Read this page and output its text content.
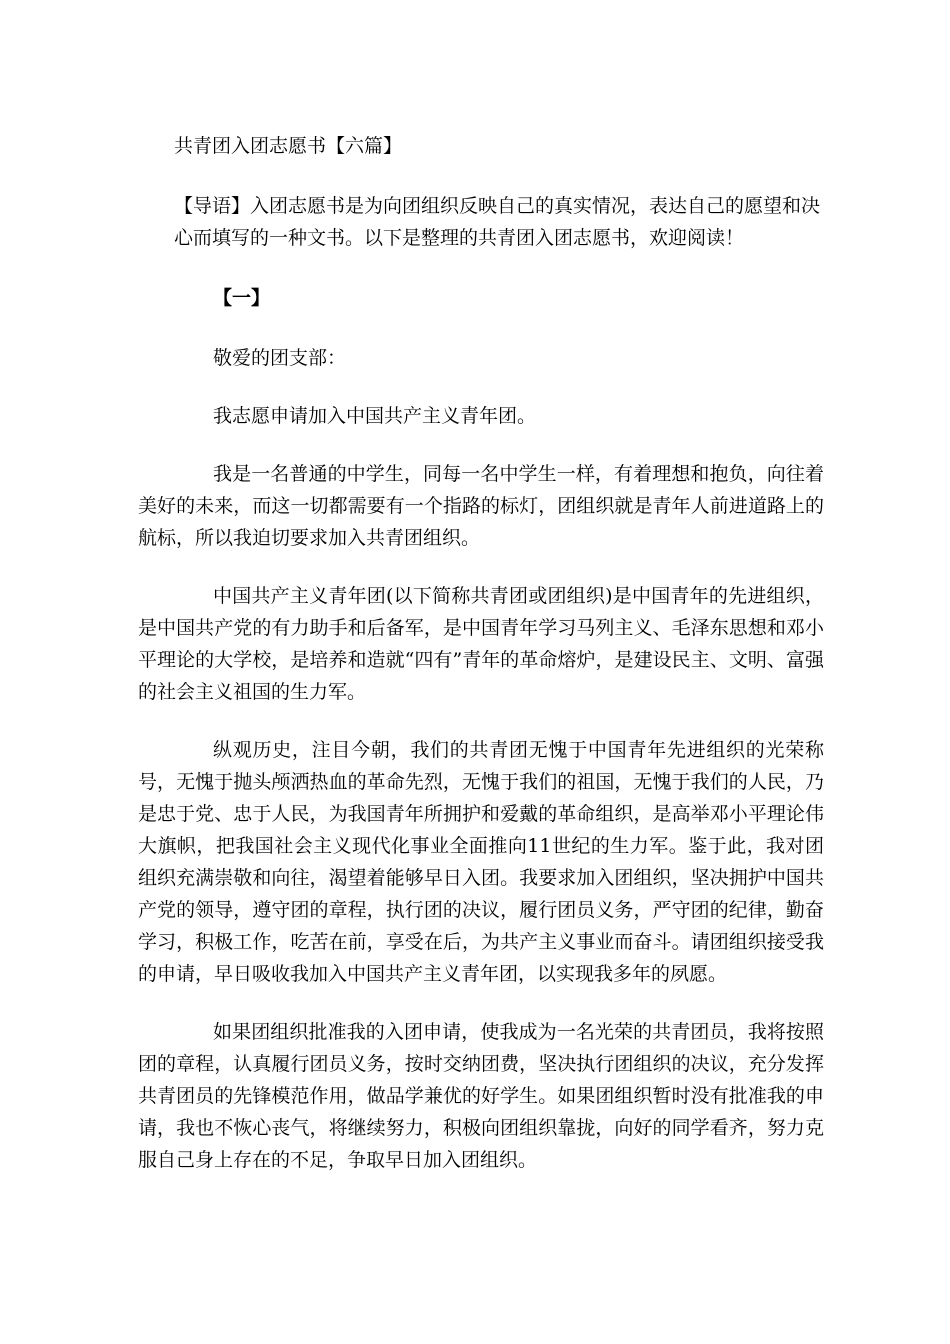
共青团入团志愿书【六篇】

【导语】入团志愿书是为向团组织反映自己的真实情况，表达自己的愿望和决心而填写的一种文书。以下是整理的共青团入团志愿书，欢迎阅读！

【一】

敬爱的团支部：

我志愿申请加入中国共产主义青年团。

我是一名普通的中学生，同每一名中学生一样，有着理想和抱负，向往着美好的未来，而这一切都需要有一个指路的标灯，团组织就是青年人前进道路上的航标，所以我迫切要求加入共青团组织。

中国共产主义青年团(以下简称共青团或团组织)是中国青年的先进组织，是中国共产党的有力助手和后备军，是中国青年学习马列主义、毛泽东思想和邓小平理论的大学校，是培养和造就“四有”青年的革命熔炉，是建设民主、文明、富强的社会主义祖国的生力军。

纵观历史，注目今朝，我们的共青团无愧于中国青年先进组织的光荣称号，无愧于抛头颅洒热血的革命先烈，无愧于我们的祖国，无愧于我们的人民，乃是忠于党、忠于人民，为我国青年所拥护和爱戴的革命组织，是高举邓小平理论伟大旗帜，把我国社会主义现代化事业全面推向11世纪的生力军。鉴于此，我对团组织充满崇敬和向往，渴望着能够早日入团。我要求加入团组织，坚决拥护中国共产党的领导，遵守团的章程，执行团的决议，履行团员义务，严守团的纪律，勤奋学习，积极工作，吃苦在前，享受在后，为共产主义事业而奋斗。请团组织接受我的申请，早日吸收我加入中国共产主义青年团，以实现我多年的夙愿。

如果团组织批准我的入团申请，使我成为一名光荣的共青团员，我将按照团的章程，认真履行团员义务，按时交纳团费，坚决执行团组织的决议，充分发挥共青团员的先锋模范作用，做品学兼优的好学生。如果团组织暂时没有批准我的申请，我也不恢心丧气，将继续努力，积极向团组织靠拢，向好的同学看齐，努力克服自己身上存在的不足，争取早日加入团组织。
